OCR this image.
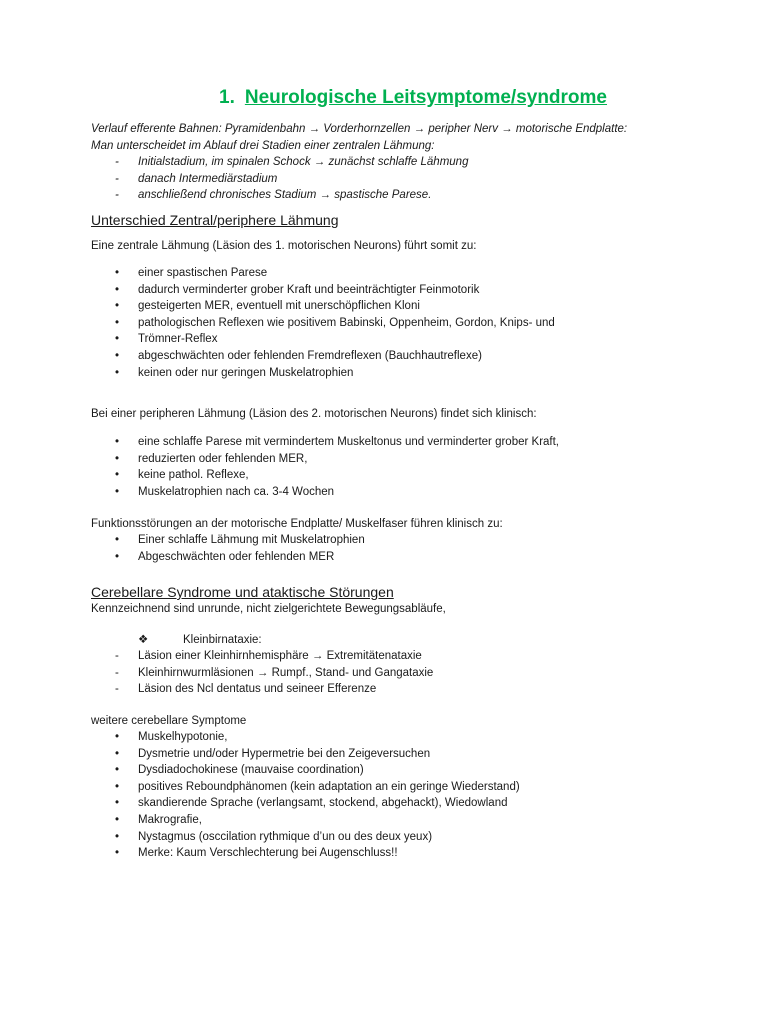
1. Neurologische Leitsymptome/syndrome
Verlauf efferente Bahnen: Pyramidenbahn → Vorderhornzellen → peripher Nerv → motorische Endplatte:
Man unterscheidet im Ablauf drei Stadien einer zentralen Lähmung:
-	Initialstadium, im spinalen Schock → zunächst schlaffe Lähmung
-	danach Intermediärstadium
-	anschließend chronisches Stadium → spastische Parese.
Unterschied Zentral/periphere Lähmung
Eine zentrale Lähmung (Läsion des 1. motorischen Neurons) führt somit zu:
•	einer spastischen Parese
•	dadurch verminderter grober Kraft und beeinträchtigter Feinmotorik
•	gesteigerten MER, eventuell mit unerschöpflichen Kloni
•	pathologischen Reflexen wie positivem Babinski, Oppenheim, Gordon, Knips- und
•	Trömner-Reflex
•	abgeschwächten oder fehlenden Fremdreflexen (Bauchhautreflexe)
•	keinen oder nur geringen Muskelatrophien
Bei einer peripheren Lähmung (Läsion des 2. motorischen Neurons) findet sich klinisch:
•	eine schlaffe Parese mit vermindertem Muskeltonus und verminderter grober Kraft,
•	reduzierten oder fehlenden MER,
•	keine pathol. Reflexe,
•	Muskelatrophien nach ca. 3-4 Wochen
Funktionsstörungen an der motorische Endplatte/ Muskelfaser führen klinisch zu:
•	Einer schlaffe Lähmung mit Muskelatrophien
•	Abgeschwächten oder fehlenden MER
Cerebellare Syndrome und ataktische Störungen
Kennzeichnend sind unrunde, nicht zielgerichtete Bewegungsabläufe,
❖	Kleinbirnataxie:
-	Läsion einer Kleinhirnhemisphäre → Extremitätenataxie
-	Kleinhirnwurmläsionen → Rumpf., Stand- und Gangataxie
-	Läsion des Ncl dentatus und seineer Efferenze
weitere cerebellare Symptome
•	Muskelhypotonie,
•	Dysmetrie und/oder Hypermetrie bei den Zeigeversuchen
•	Dysdiadochokinese (mauvaise coordination)
•	positives Reboundphänomen (kein adaptation an ein geringe Wiederstand)
•	skandierende Sprache (verlangsamt, stockend, abgehackt), Wiedowland
•	Makrografie,
•	Nystagmus (osccilation rythmique d’un ou des deux yeux)
•	Merke: Kaum Verschlechterung bei Augenschluss!!
